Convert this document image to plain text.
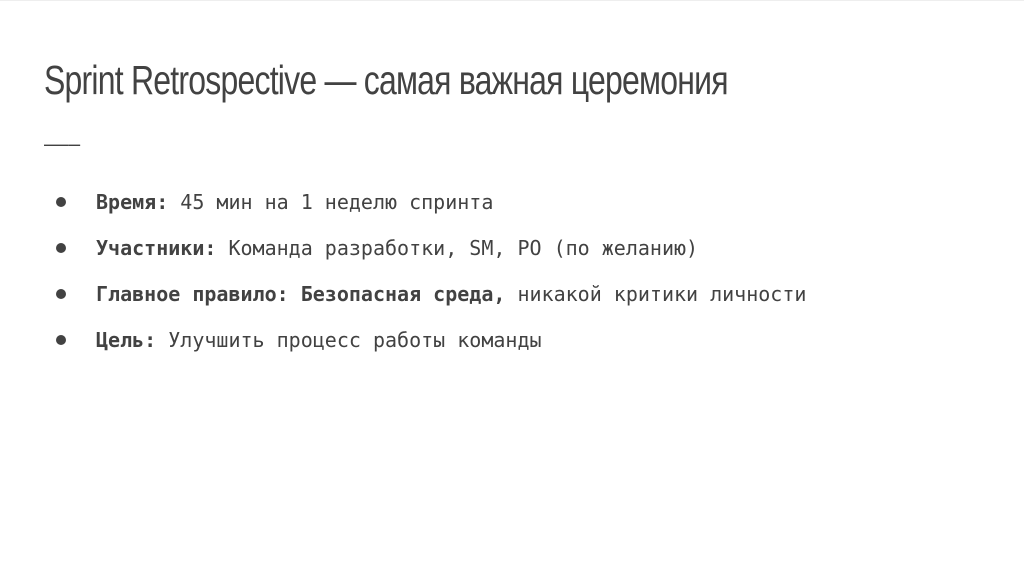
Sprint Retrospective — самая важная церемония
———
Время: 45 мин на 1 неделю спринта
Участники: Команда разработки, SM, PO (по желанию)
Главное правило: Безопасная среда, никакой критики личности
Цель: Улучшить процесс работы команды
